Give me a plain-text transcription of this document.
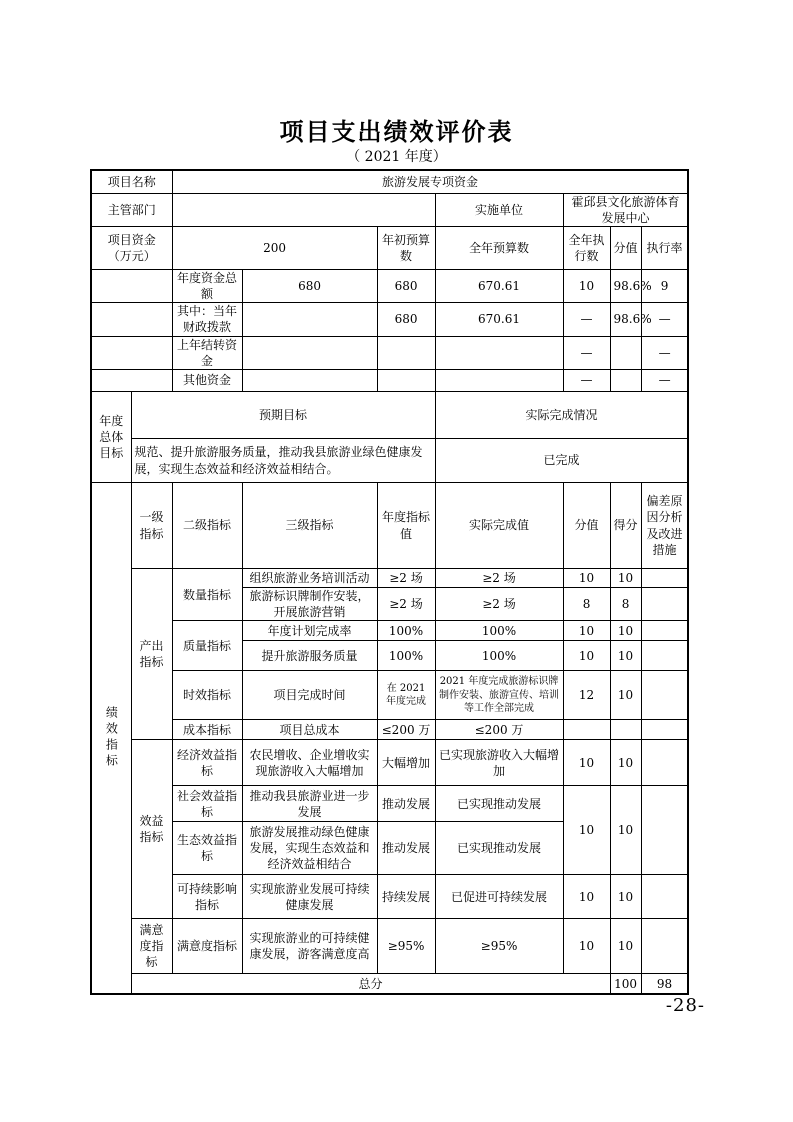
项目支出绩效评价表
（ 2021 年度）
项目名称		旅游发展专项资金							
主管部门					实施单位	霍邱县文化旅游体育发展中心			
项目资金
（万元）		200		年初预算数	全年预算数	全年执行数	分值	执行率	
		年度资金总额	680	680	670.61	10	98.6%	9	
		其中：当年财政拨款		680	670.61	—	98.6%	—	
		上年结转资金				—		—	
		其他资金				—		—	
年度总体目标	预期目标				实际完成情况				
	规范、提升旅游服务质量，推动我县旅游业绿色健康发展，实现生态效益和经济效益相结合。				已完成				
绩效指标	一级指标	二级指标	三级指标	年度指标值	实际完成值	分值	得分	偏差原因分析及改进措施	
	产出指标	数量指标	组织旅游业务培训活动	≥2 场	≥2 场	10	10		
			旅游标识牌制作安装，开展旅游营销	≥2 场	≥2 场	8	8		
		质量指标	年度计划完成率	100%	100%	10	10		
			提升旅游服务质量	100%	100%	10	10		
		时效指标	项目完成时间	在 2021 年度完成	2021 年度完成旅游标识牌制作安装、旅游宣传、培训等工作全部完成	12	10		
		成本指标	项目总成本	≤200 万	≤200 万				
	效益指标	经济效益指标	农民增收、企业增收实现旅游收入大幅增加	大幅增加	已实现旅游收入大幅增加	10	10		
		社会效益指标	推动我县旅游业进一步发展	推动发展	已实现推动发展	10	10		
		生态效益指标	旅游发展推动绿色健康发展，实现生态效益和经济效益相结合	推动发展	已实现推动发展				
		可持续影响指标	实现旅游业发展可持续健康发展	持续发展	已促进可持续发展	10	10		
	满意度指标	满意度指标	实现旅游业的可持续健康发展，游客满意度高	≥95%	≥95%	10	10		
	总分						100	98	
-28-
